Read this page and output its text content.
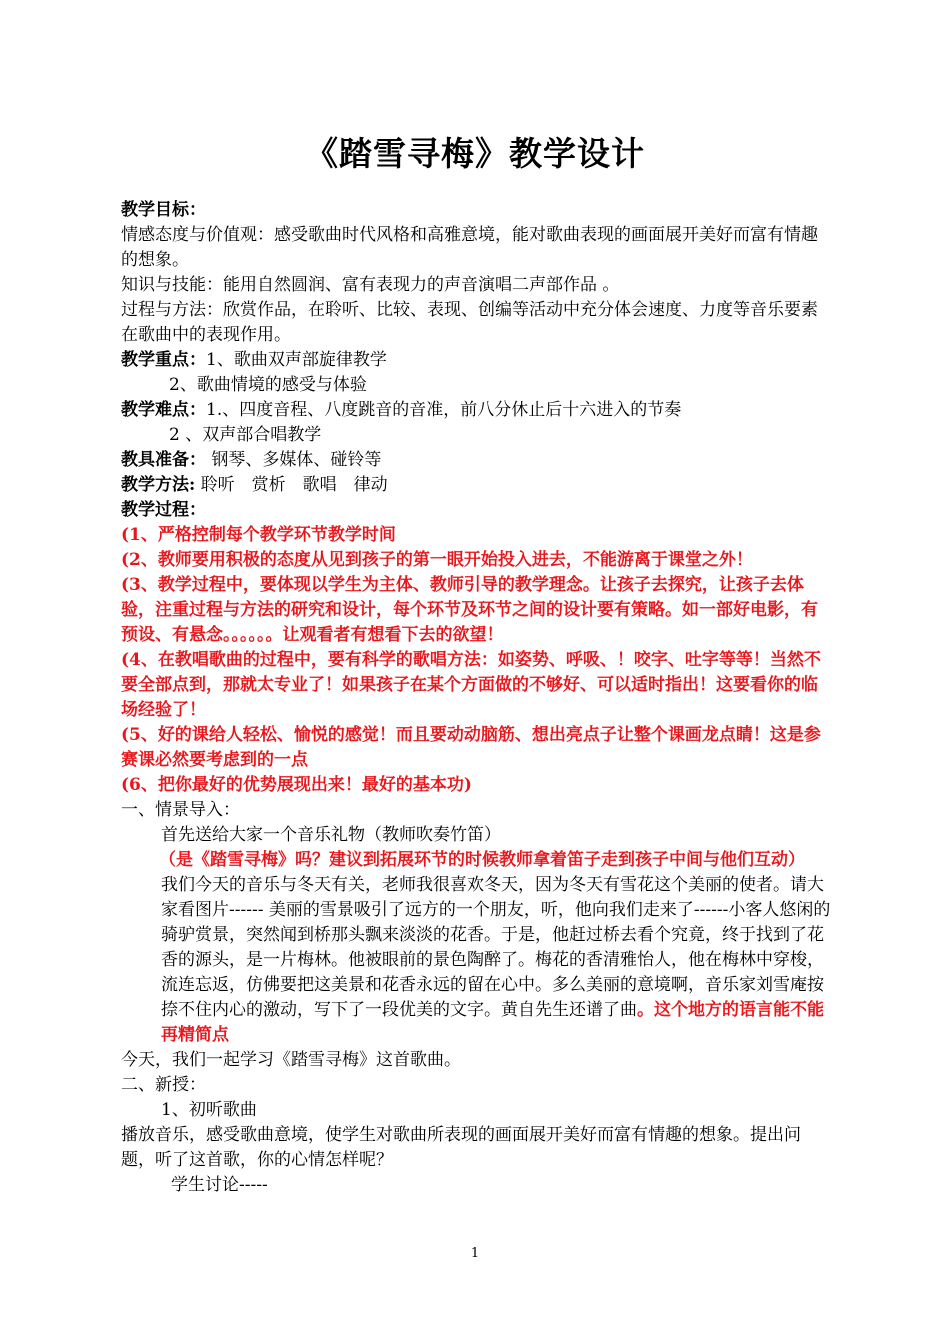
《踏雪寻梅》教学设计

教学目标：

情感态度与价值观：感受歌曲时代风格和高雅意境，能对歌曲表现的画面展开美好而富有情趣的想象。

知识与技能：能用自然圆润、富有表现力的声音演唱二声部作品 。

过程与方法：欣赏作品，在聆听、比较、表现、创编等活动中充分体会速度、力度等音乐要素在歌曲中的表现作用。

教学重点：1、歌曲双声部旋律教学

2、歌曲情境的感受与体验

教学难点：1.、四度音程、八度跳音的音准，前八分休止后十六进入的节奏

2 、双声部合唱教学

教具准备： 钢琴、多媒体、碰铃等

教学方法: 聆听　赏析　歌唱　律动

教学过程：

(1、严格控制每个教学环节教学时间

(2、教师要用积极的态度从见到孩子的第一眼开始投入进去，不能游离于课堂之外！

(3、教学过程中，要体现以学生为主体、教师引导的教学理念。让孩子去探究，让孩子去体验，注重过程与方法的研究和设计，每个环节及环节之间的设计要有策略。如一部好电影，有预设、有悬念。。。。。。让观看者有想看下去的欲望！

(4、在教唱歌曲的过程中，要有科学的歌唱方法：如姿势、呼吸、！咬字、吐字等等！当然不要全部点到，那就太专业了！如果孩子在某个方面做的不够好、可以适时指出！这要看你的临场经验了！

(5、好的课给人轻松、愉悦的感觉！而且要动动脑筋、想出亮点子让整个课画龙点睛！这是参赛课必然要考虑到的一点

(6、把你最好的优势展现出来！最好的基本功)

一、情景导入：

首先送给大家一个音乐礼物（教师吹奏竹笛）

（是《踏雪寻梅》吗？建议到拓展环节的时候教师拿着笛子走到孩子中间与他们互动）

我们今天的音乐与冬天有关，老师我很喜欢冬天，因为冬天有雪花这个美丽的使者。请大家看图片------ 美丽的雪景吸引了远方的一个朋友，听，他向我们走来了------小客人悠闲的骑驴赏景，突然闻到桥那头飘来淡淡的花香。于是，他赶过桥去看个究竟，终于找到了花香的源头，是一片梅林。他被眼前的景色陶醉了。梅花的香清雅怡人，他在梅林中穿梭，流连忘返，仿佛要把这美景和花香永远的留在心中。多么美丽的意境啊，音乐家刘雪庵按捺不住内心的激动，写下了一段优美的文字。黄自先生还谱了曲。这个地方的语言能不能再精简点

今天，我们一起学习《踏雪寻梅》这首歌曲。

二、新授：

1、初听歌曲

播放音乐，感受歌曲意境，使学生对歌曲所表现的画面展开美好而富有情趣的想象。提出问题，听了这首歌，你的心情怎样呢？

学生讨论-----

1
